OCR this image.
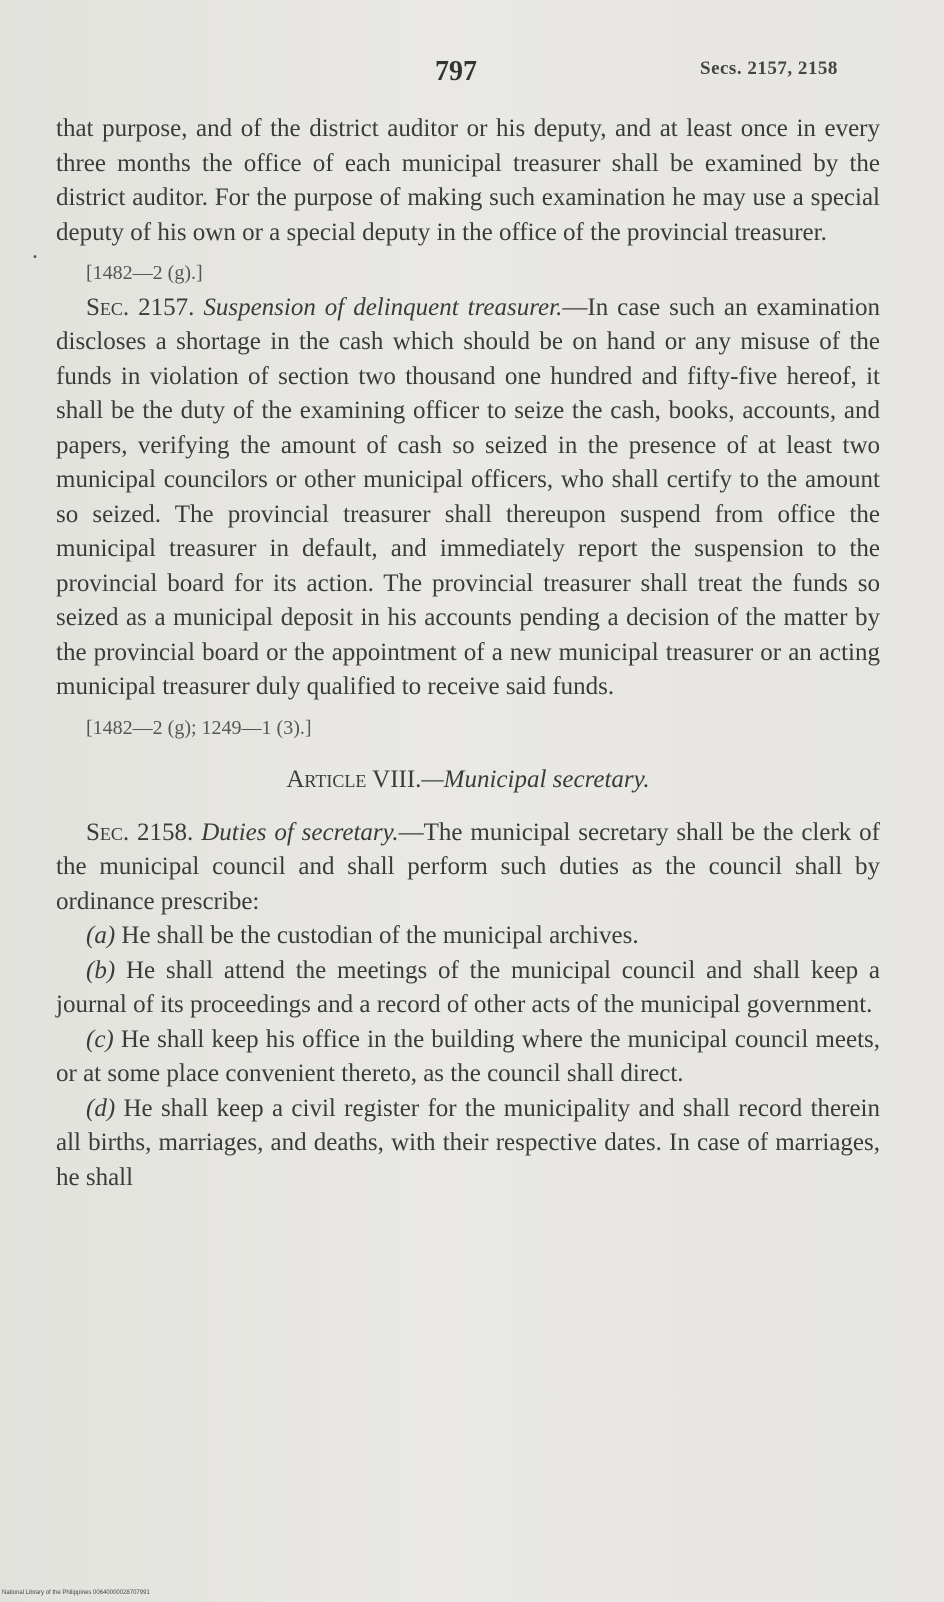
797	Secs. 2157, 2158
.

that purpose, and of the district auditor or his deputy, and at least once in every three months the office of each municipal treasurer shall be examined by the district auditor. For the purpose of making such examination he may use a special deputy of his own or a special deputy in the office of the provincial treasurer.

[1482—2 (g).]

Sec. 2157. Suspension of delinquent treasurer.—In case such an examination discloses a shortage in the cash which should be on hand or any misuse of the funds in violation of section two thousand one hundred and fifty-five hereof, it shall be the duty of the examining officer to seize the cash, books, accounts, and papers, verifying the amount of cash so seized in the presence of at least two municipal councilors or other municipal officers, who shall certify to the amount so seized. The provincial treasurer shall thereupon suspend from office the municipal treasurer in default, and immediately report the suspension to the provincial board for its action. The provincial treasurer shall treat the funds so seized as a municipal deposit in his accounts pending a decision of the matter by the provincial board or the appointment of a new municipal treasurer or an acting municipal treasurer duly qualified to receive said funds.

[1482—2 (g); 1249—1 (3).]

Article VIII.—Municipal secretary.

Sec. 2158. Duties of secretary.—The municipal secretary shall be the clerk of the municipal council and shall perform such duties as the council shall by ordinance prescribe:

(a) He shall be the custodian of the municipal archives.

(b) He shall attend the meetings of the municipal council and shall keep a journal of its proceedings and a record of other acts of the municipal government.

(c) He shall keep his office in the building where the municipal council meets, or at some place convenient thereto, as the council shall direct.

(d) He shall keep a civil register for the municipality and shall record therein all births, marriages, and deaths, with their respective dates. In case of marriages, he shall

National Library of the Philippines 00640000028707991
